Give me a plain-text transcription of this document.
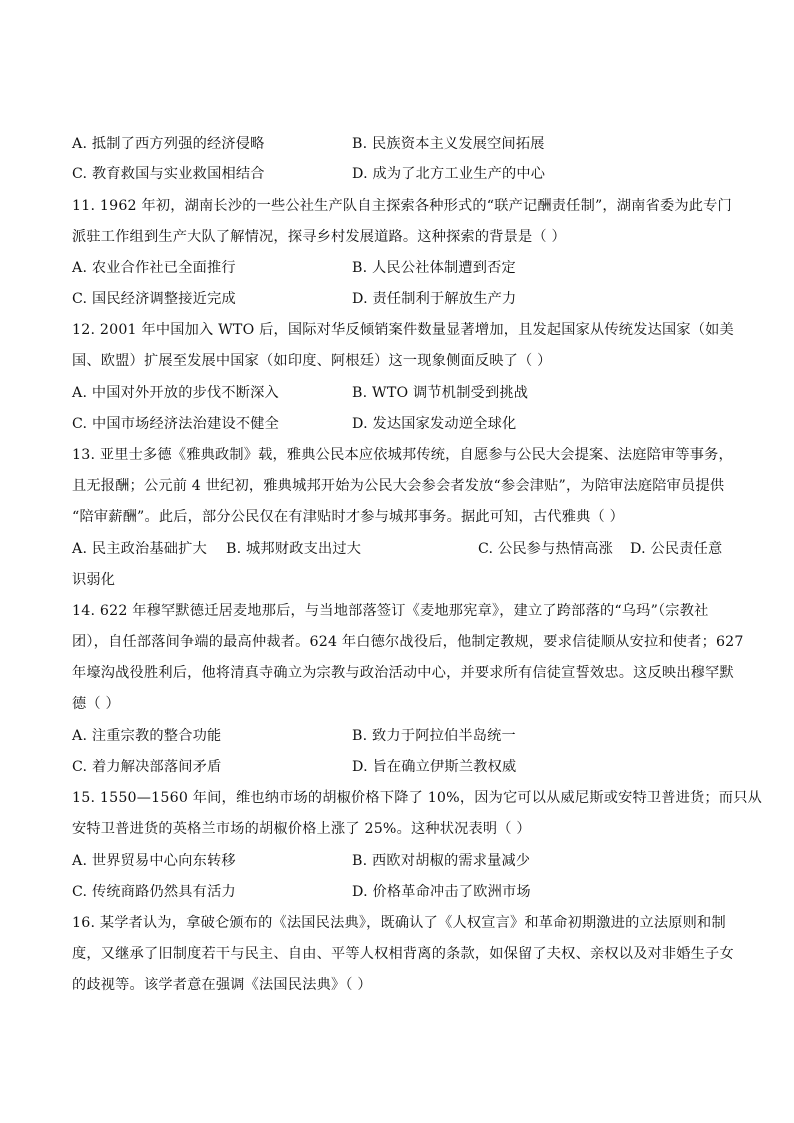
A. 抵制了西方列强的经济侵略	B. 民族资本主义发展空间拓展
C. 教育救国与实业救国相结合	D. 成为了北方工业生产的中心
11. 1962 年初，湖南长沙的一些公社生产队自主探索各种形式的“联产记酬责任制”，湖南省委为此专门
派驻工作组到生产大队了解情况，探寻乡村发展道路。这种探索的背景是（ ）
A. 农业合作社已全面推行	B. 人民公社体制遭到否定
C. 国民经济调整接近完成	D. 责任制利于解放生产力
12. 2001 年中国加入 WTO 后，国际对华反倾销案件数量显著增加，且发起国家从传统发达国家（如美
国、欧盟）扩展至发展中国家（如印度、阿根廷）这一现象侧面反映了（ ）
A. 中国对外开放的步伐不断深入	B. WTO 调节机制受到挑战
C. 中国市场经济法治建设不健全	D. 发达国家发动逆全球化
13. 亚里士多德《雅典政制》载，雅典公民本应依城邦传统，自愿参与公民大会提案、法庭陪审等事务，
且无报酬；公元前 4 世纪初，雅典城邦开始为公民大会参会者发放“参会津贴”，为陪审法庭陪审员提供
“陪审薪酬”。此后，部分公民仅在有津贴时才参与城邦事务。据此可知，古代雅典（ ）
A. 民主政治基础扩大 B. 城邦财政支出过大	C. 公民参与热情高涨 D. 公民责任意
识弱化
14. 622 年穆罕默德迁居麦地那后，与当地部落签订《麦地那宪章》，建立了跨部落的“乌玛”（宗教社
团），自任部落间争端的最高仲裁者。624 年白德尔战役后，他制定教规，要求信徒顺从安拉和使者；627
年壕沟战役胜利后，他将清真寺确立为宗教与政治活动中心，并要求所有信徒宣誓效忠。这反映出穆罕默
德（ ）
A. 注重宗教的整合功能	B. 致力于阿拉伯半岛统一
C. 着力解决部落间矛盾	D. 旨在确立伊斯兰教权威
15. 1550—1560 年间，维也纳市场的胡椒价格下降了 10%，因为它可以从威尼斯或安特卫普进货；而只从
安特卫普进货的英格兰市场的胡椒价格上涨了 25%。这种状况表明（ ）
A. 世界贸易中心向东转移	B. 西欧对胡椒的需求量减少
C. 传统商路仍然具有活力	D. 价格革命冲击了欧洲市场
16. 某学者认为，拿破仑颁布的《法国民法典》，既确认了《人权宣言》和革命初期激进的立法原则和制
度，又继承了旧制度若干与民主、自由、平等人权相背离的条款，如保留了夫权、亲权以及对非婚生子女
的歧视等。该学者意在强调《法国民法典》（ ）
